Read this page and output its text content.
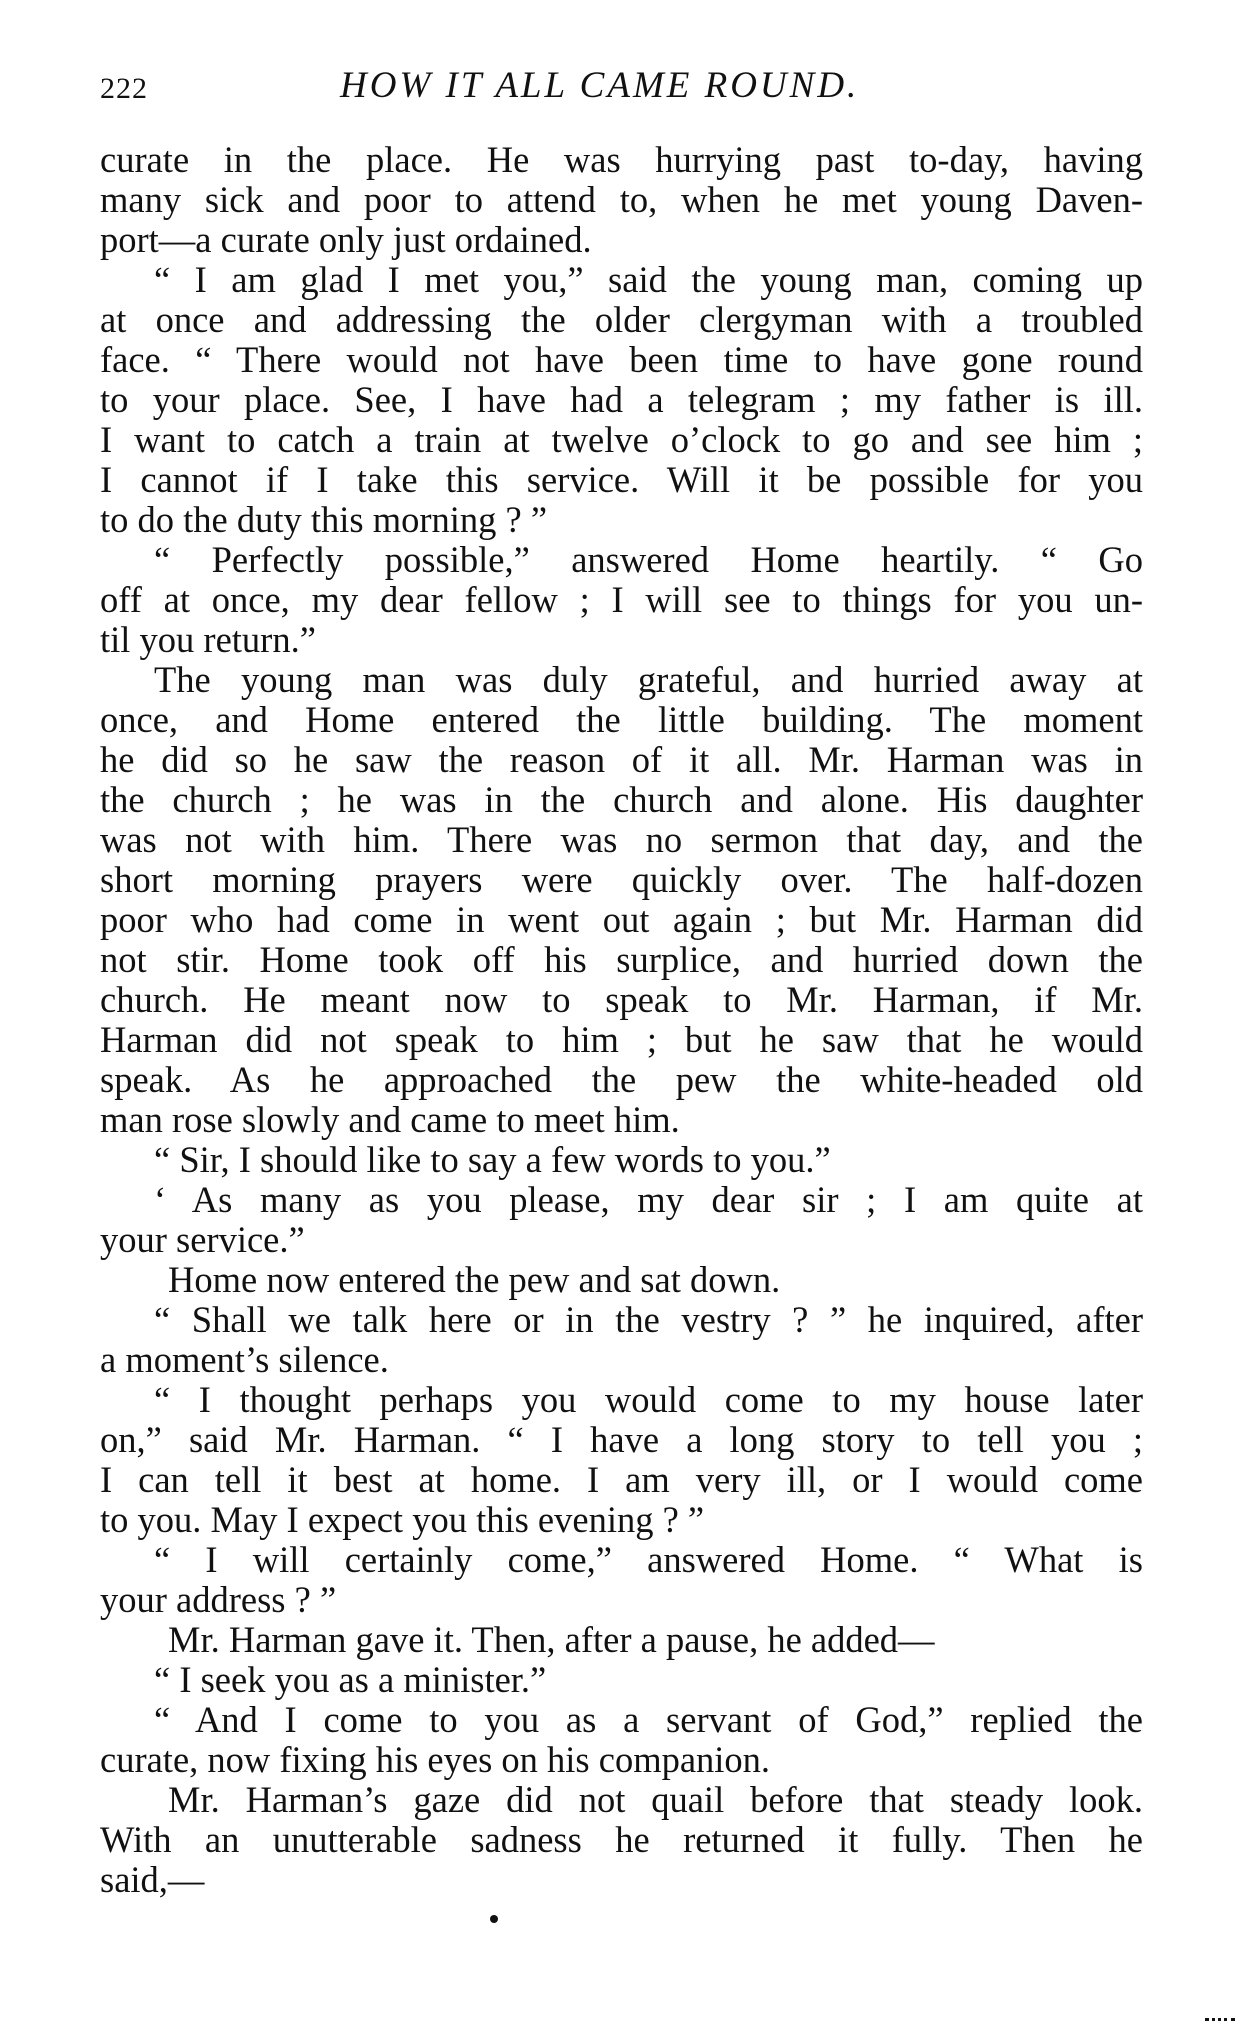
222	HOW IT ALL CAME ROUND.
curate in the place. He was hurrying past to-day, having
many sick and poor to attend to, when he met young Daven-
port—a curate only just ordained.
“ I am glad I met you,” said the young man, coming up
at once and addressing the older clergyman with a troubled
face. “ There would not have been time to have gone round
to your place. See, I have had a telegram ; my father is ill.
I want to catch a train at twelve o’clock to go and see him ;
I cannot if I take this service. Will it be possible for you
to do the duty this morning ? ”
“ Perfectly possible,” answered Home heartily. “ Go
off at once, my dear fellow ; I will see to things for you un-
til you return.”
The young man was duly grateful, and hurried away at
once, and Home entered the little building. The moment
he did so he saw the reason of it all. Mr. Harman was in
the church ; he was in the church and alone. His daughter
was not with him. There was no sermon that day, and the
short morning prayers were quickly over. The half-dozen
poor who had come in went out again ; but Mr. Harman did
not stir. Home took off his surplice, and hurried down the
church. He meant now to speak to Mr. Harman, if Mr.
Harman did not speak to him ; but he saw that he would
speak. As he approached the pew the white-headed old
man rose slowly and came to meet him.
“ Sir, I should like to say a few words to you.”
‘ As many as you please, my dear sir ; I am quite at
your service.”
Home now entered the pew and sat down.
“ Shall we talk here or in the vestry ? ” he inquired, after
a moment’s silence.
“ I thought perhaps you would come to my house later
on,” said Mr. Harman. “ I have a long story to tell you ;
I can tell it best at home. I am very ill, or I would come
to you. May I expect you this evening ? ”
“ I will certainly come,” answered Home. “ What is
your address ? ”
Mr. Harman gave it. Then, after a pause, he added—
“ I seek you as a minister.”
“ And I come to you as a servant of God,” replied the
curate, now fixing his eyes on his companion.
Mr. Harman’s gaze did not quail before that steady look.
With an unutterable sadness he returned it fully. Then he
said,—
